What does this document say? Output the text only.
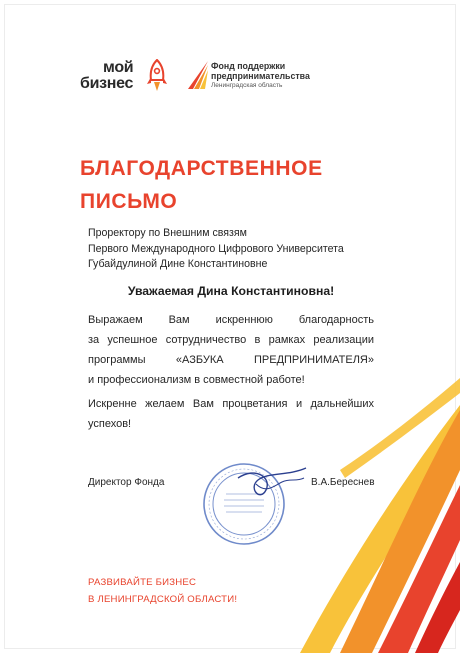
мой
бизнес
Фонд поддержки
предпринимательства
Ленинградская область
БЛАГОДАРСТВЕННОЕ
ПИСЬМО
Проректору по Внешним связям
Первого Международного Цифрового Университета
Губайдулиной Дине Константиновне
Уважаемая Дина Константиновна!
Выражаем Вам искреннюю благодарность
за успешное сотрудничество в рамках реализации
программы «АЗБУКА ПРЕДПРИНИМАТЕЛЯ»
и профессионализм в совместной работе!
Искренне желаем Вам процветания и дальнейших
успехов!
Директор Фонда	В.А.Береснев
РАЗВИВАЙТЕ БИЗНЕС
В ЛЕНИНГРАДСКОЙ ОБЛАСТИ!
